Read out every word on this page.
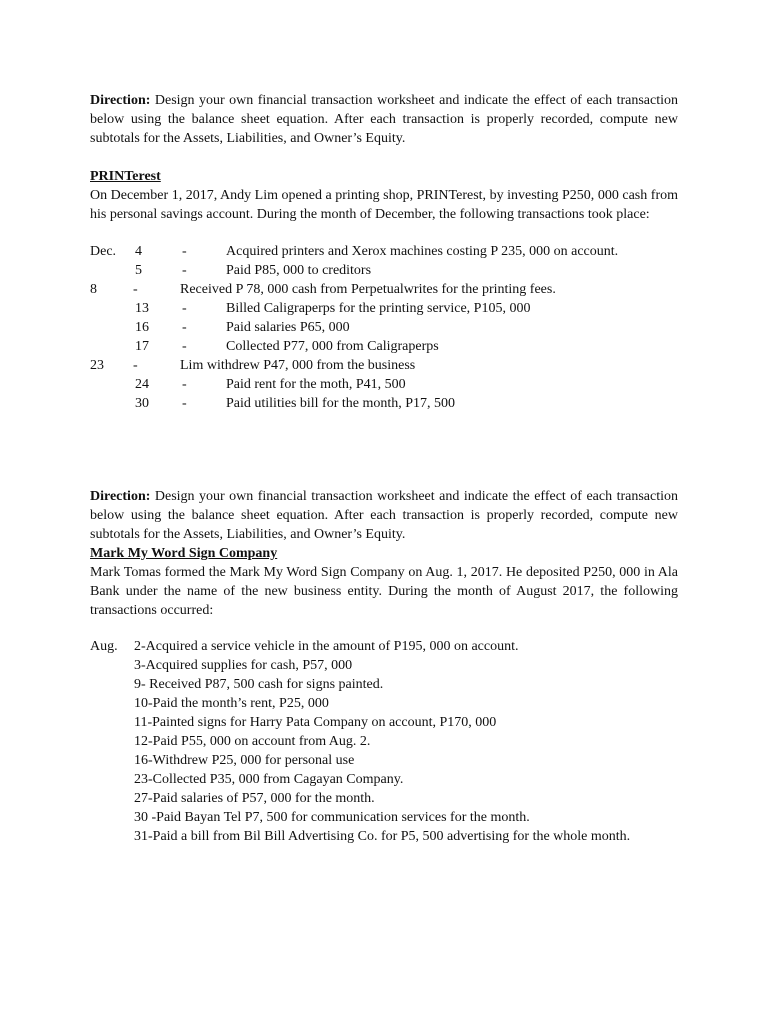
Direction: Design your own financial transaction worksheet and indicate the effect of each transaction below using the balance sheet equation. After each transaction is properly recorded, compute new subtotals for the Assets, Liabilities, and Owner’s Equity.
PRINTerest
On December 1, 2017, Andy Lim opened a printing shop, PRINTerest, by investing P250, 000 cash from his personal savings account. During the month of December, the following transactions took place:
Dec. 4	-	Acquired printers and Xerox machines costing P 235, 000 on account.
5	-	Paid P85, 000 to creditors
8	-	Received P 78, 000 cash from Perpetualwrites for the printing fees.
13 -	Billed Caligraperps for the printing service, P105, 000
16 -	Paid salaries P65, 000
17 -	Collected P77, 000 from Caligraperps
23 -	Lim withdrew P47, 000 from the business
24 -	Paid rent for the moth, P41, 500
30 -	Paid utilities bill for the month, P17, 500
Direction: Design your own financial transaction worksheet and indicate the effect of each transaction below using the balance sheet equation. After each transaction is properly recorded, compute new subtotals for the Assets, Liabilities, and Owner’s Equity.
Mark My Word Sign Company
Mark Tomas formed the Mark My Word Sign Company on Aug. 1, 2017. He deposited P250, 000 in Ala Bank under the name of the new business entity. During the month of August 2017, the following transactions occurred:
Aug. 2-Acquired a service vehicle in the amount of P195, 000 on account.
3-Acquired supplies for cash, P57, 000
9- Received P87, 500 cash for signs painted.
10-Paid the month’s rent, P25, 000
11-Painted signs for Harry Pata Company on account, P170, 000
12-Paid P55, 000 on account from Aug. 2.
16-Withdrew P25, 000 for personal use
23-Collected P35, 000 from Cagayan Company.
27-Paid salaries of P57, 000 for the month.
30 -Paid Bayan Tel P7, 500 for communication services for the month.
31-Paid a bill from Bil Bill Advertising Co. for P5, 500 advertising for the whole month.
